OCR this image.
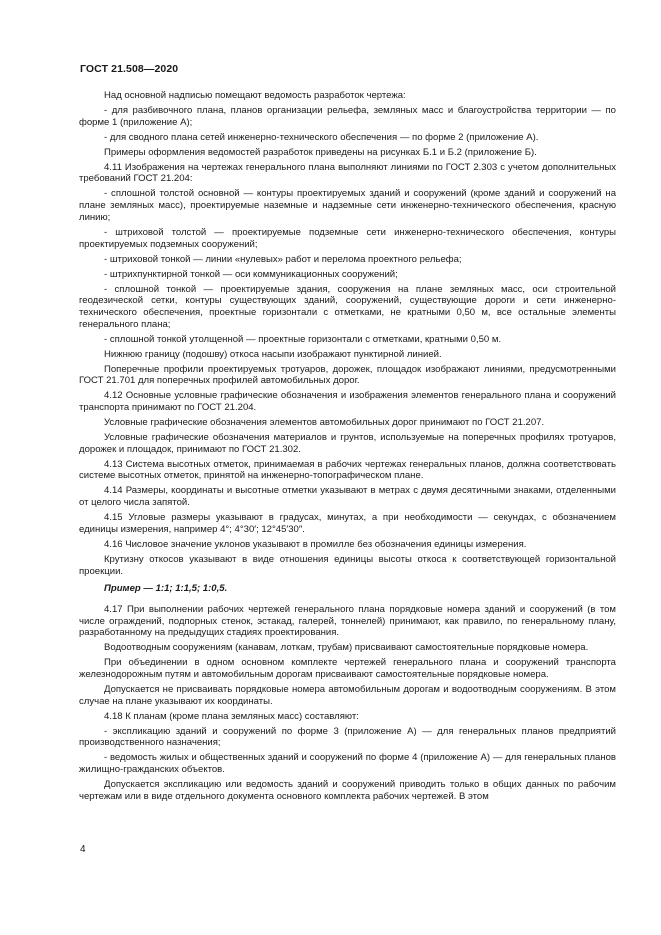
ГОСТ 21.508—2020

Над основной надписью помещают ведомость разработок чертежа:

- для разбивочного плана, планов организации рельефа, земляных масс и благоустройства территории — по форме 1 (приложение А);

- для сводного плана сетей инженерно-технического обеспечения — по форме 2 (приложение А).

Примеры оформления ведомостей разработок приведены на рисунках Б.1 и Б.2 (приложение Б).

4.11 Изображения на чертежах генерального плана выполняют линиями по ГОСТ 2.303 с учетом дополнительных требований ГОСТ 21.204:

- сплошной толстой основной — контуры проектируемых зданий и сооружений (кроме зданий и сооружений на плане земляных масс), проектируемые наземные и надземные сети инженерно-технического обеспечения, красную линию;

- штриховой толстой — проектируемые подземные сети инженерно-технического обеспечения, контуры проектируемых подземных сооружений;

- штриховой тонкой — линии «нулевых» работ и перелома проектного рельефа;

- штрихпунктирной тонкой — оси коммуникационных сооружений;

- сплошной тонкой — проектируемые здания, сооружения на плане земляных масс, оси строительной геодезической сетки, контуры существующих зданий, сооружений, существующие дороги и сети инженерно-технического обеспечения, проектные горизонтали с отметками, не кратными 0,50 м, все остальные элементы генерального плана;

- сплошной тонкой утолщенной — проектные горизонтали с отметками, кратными 0,50 м.

Нижнюю границу (подошву) откоса насыпи изображают пунктирной линией.

Поперечные профили проектируемых тротуаров, дорожек, площадок изображают линиями, предусмотренными ГОСТ 21.701 для поперечных профилей автомобильных дорог.

4.12 Основные условные графические обозначения и изображения элементов генерального плана и сооружений транспорта принимают по ГОСТ 21.204.

Условные графические обозначения элементов автомобильных дорог принимают по ГОСТ 21.207.

Условные графические обозначения материалов и грунтов, используемые на поперечных профилях тротуаров, дорожек и площадок, принимают по ГОСТ 21.302.

4.13 Система высотных отметок, принимаемая в рабочих чертежах генеральных планов, должна соответствовать системе высотных отметок, принятой на инженерно-топографическом плане.

4.14 Размеры, координаты и высотные отметки указывают в метрах с двумя десятичными знаками, отделенными от целого числа запятой.

4.15 Угловые размеры указывают в градусах, минутах, а при необходимости — секундах, с обозначением единицы измерения, например 4°; 4°30′; 12°45′30″.

4.16 Числовое значение уклонов указывают в промилле без обозначения единицы измерения.

Крутизну откосов указывают в виде отношения единицы высоты откоса к соответствующей горизонтальной проекции.

Пример — 1:1; 1:1,5; 1:0,5.

4.17 При выполнении рабочих чертежей генерального плана порядковые номера зданий и сооружений (в том числе ограждений, подпорных стенок, эстакад, галерей, тоннелей) принимают, как правило, по генеральному плану, разработанному на предыдущих стадиях проектирования.

Водоотводным сооружениям (канавам, лоткам, трубам) присваивают самостоятельные порядковые номера.

При объединении в одном основном комплекте чертежей генерального плана и сооружений транспорта железнодорожным путям и автомобильным дорогам присваивают самостоятельные порядковые номера.

Допускается не присваивать порядковые номера автомобильным дорогам и водоотводным сооружениям. В этом случае на плане указывают их координаты.

4.18 К планам (кроме плана земляных масс) составляют:

- экспликацию зданий и сооружений по форме 3 (приложение А) — для генеральных планов предприятий производственного назначения;

- ведомость жилых и общественных зданий и сооружений по форме 4 (приложение А) — для генеральных планов жилищно-гражданских объектов.

Допускается экспликацию или ведомость зданий и сооружений приводить только в общих данных по рабочим чертежам или в виде отдельного документа основного комплекта рабочих чертежей. В этом

4
